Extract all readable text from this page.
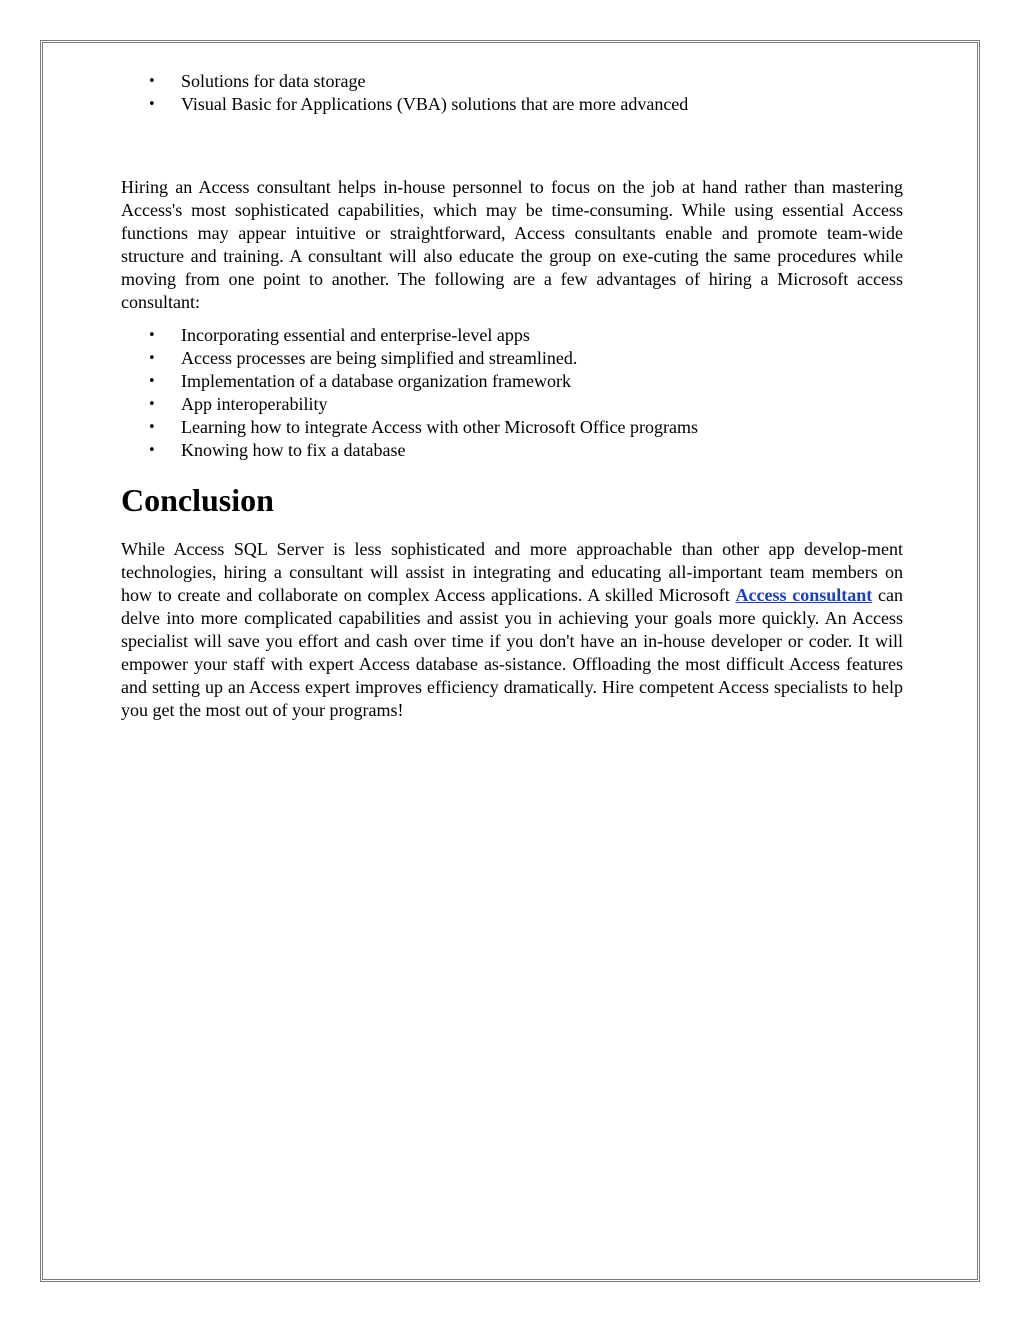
• Solutions for data storage
• Visual Basic for Applications (VBA) solutions that are more advanced

Hiring an Access consultant helps in-house personnel to focus on the job at hand rather than mastering Access's most sophisticated capabilities, which may be time-consuming. While using essential Access functions may appear intuitive or straightforward, Access consultants enable and promote team-wide structure and training. A consultant will also educate the group on exe-cuting the same procedures while moving from one point to another. The following are a few advantages of hiring a Microsoft access consultant:

• Incorporating essential and enterprise-level apps
• Access processes are being simplified and streamlined.
• Implementation of a database organization framework
• App interoperability
• Learning how to integrate Access with other Microsoft Office programs
• Knowing how to fix a database
Conclusion

While Access SQL Server is less sophisticated and more approachable than other app develop-ment technologies, hiring a consultant will assist in integrating and educating all-important team members on how to create and collaborate on complex Access applications. A skilled Microsoft Access consultant can delve into more complicated capabilities and assist you in achieving your goals more quickly. An Access specialist will save you effort and cash over time if you don't have an in-house developer or coder. It will empower your staff with expert Access database as-sistance. Offloading the most difficult Access features and setting up an Access expert improves efficiency dramatically. Hire competent Access specialists to help you get the most out of your programs!
